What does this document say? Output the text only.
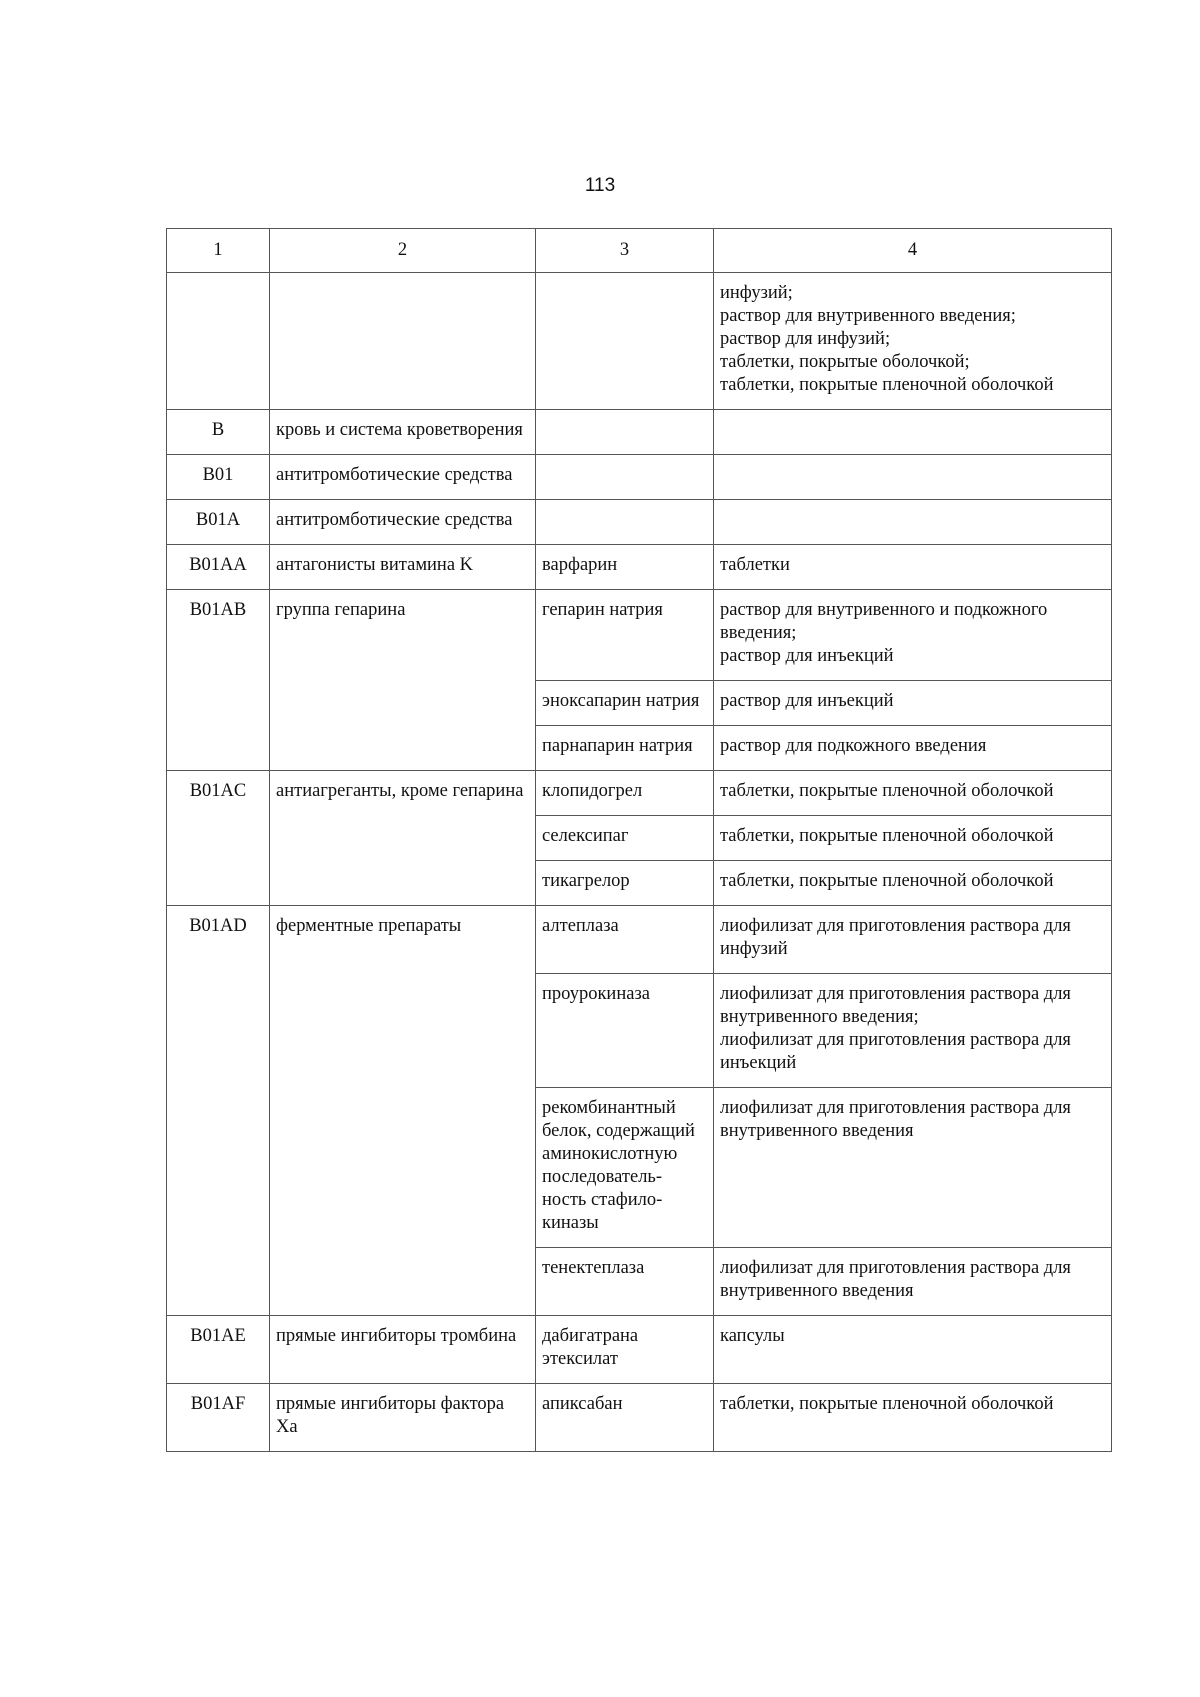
113
1	2	3	4

			инфузий;
раствор для внутривенного введения;
раствор для инфузий;
таблетки, покрытые оболочкой;
таблетки, покрытые пленочной оболочкой

B	кровь и система кроветворения		
B01	антитромботические средства		
B01A	антитромботические средства		
B01AA	антагонисты витамина K	варфарин	таблетки

B01AB	группа гепарина	гепарин натрия	раствор для внутривенного и подкожного введения;
раствор для инъекций

		эноксапарин натрия	раствор для инъекций

		парнапарин натрия	раствор для подкожного введения

B01AC	антиагреганты, кроме гепарина	клопидогрел	таблетки, покрытые пленочной оболочкой

		селексипаг	таблетки, покрытые пленочной оболочкой

		тикагрелор	таблетки, покрытые пленочной оболочкой

B01AD	ферментные препараты	алтеплаза	лиофилизат для приготовления раствора для инфузий

		проурокиназа	лиофилизат для приготовления раствора для внутривенного введения;
лиофилизат для приготовления раствора для инъекций

		рекомбинантный белок, содержащий аминокислотную последователь- ность стафило- киназы	лиофилизат для приготовления раствора для внутривенного введения

		тенектеплаза	лиофилизат для приготовления раствора для внутривенного введения

B01AE	прямые ингибиторы тромбина	дабигатрана этексилат	капсулы

B01AF	прямые ингибиторы фактора Xa	апиксабан	таблетки, покрытые пленочной оболочкой
